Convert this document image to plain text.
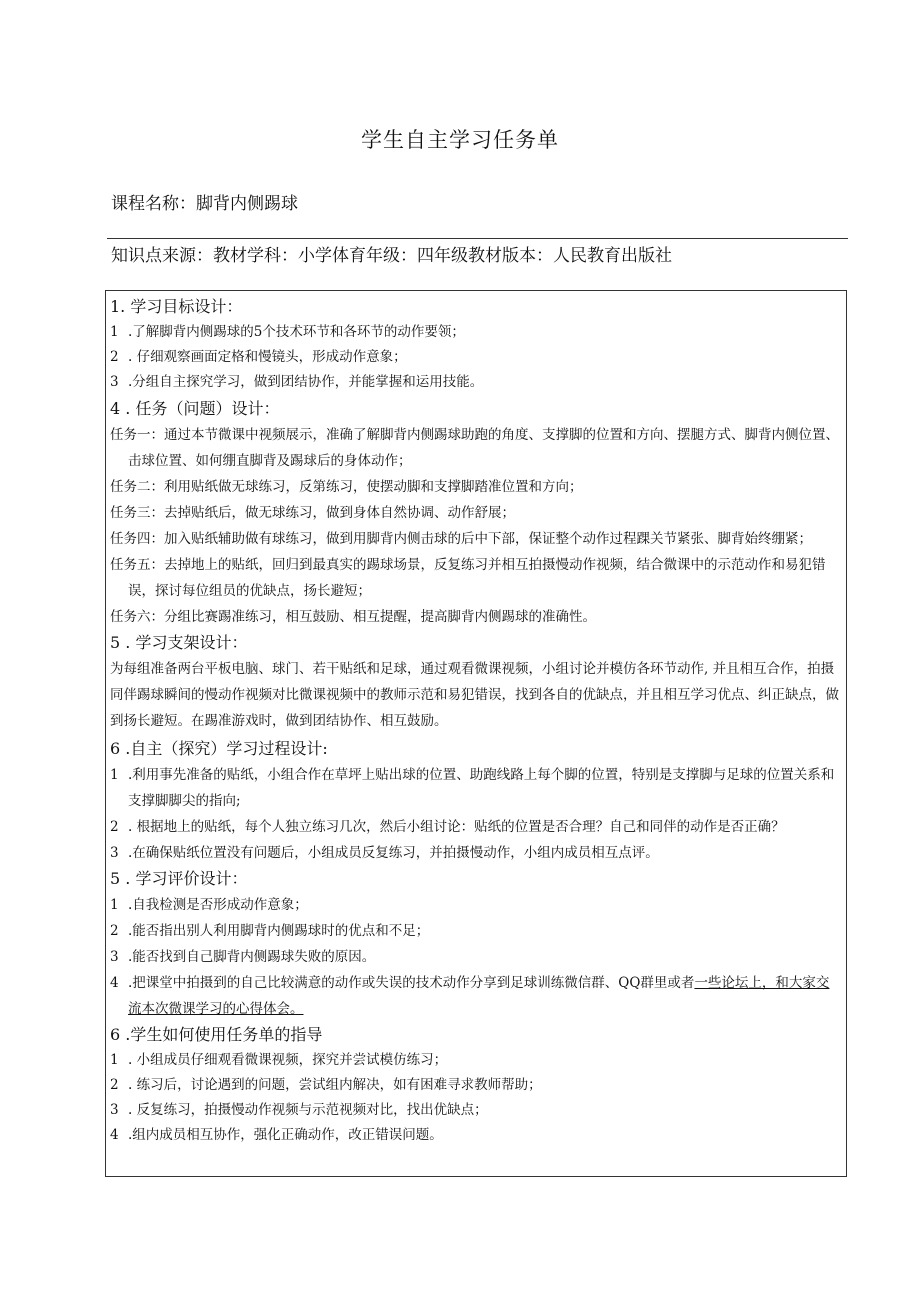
学生自主学习任务单
课程名称：脚背内侧踢球
知识点来源：教材学科：小学体育年级：四年级教材版本：人民教育出版社
1. 学习目标设计：
1 .了解脚背内侧踢球的5个技术环节和各环节的动作要领；
2 . 仔细观察画面定格和慢镜头，形成动作意象；
3 .分组自主探究学习，做到团结协作，并能掌握和运用技能。
4 . 任务（问题）设计：
任务一：通过本节微课中视频展示，准确了解脚背内侧踢球助跑的角度、支撑脚的位置和方向、摆腿方式、脚背内侧位置、击球位置、如何绷直脚背及踢球后的身体动作；
任务二：利用贴纸做无球练习，反第练习，使摆动脚和支撑脚踏准位置和方向；
任务三：去掉贴纸后，做无球练习，做到身体自然协调、动作舒展；
任务四：加入贴纸辅助做有球练习，做到用脚背内侧击球的后中下部，保证整个动作过程踝关节紧张、脚背始终绷紧；
任务五：去掉地上的贴纸，回归到最真实的踢球场景，反复练习并相互拍摄慢动作视频，结合微课中的示范动作和易犯错误，探讨每位组员的优缺点，扬长避短；
任务六：分组比赛踢准练习，相互鼓励、相互提醒，提高脚背内侧踢球的准确性。
5 . 学习支架设计：
为每组准备两台平板电脑、球门、若干贴纸和足球，通过观看微课视频，小组讨论并模仿各环节动作, 并且相互合作，拍摄同伴踢球瞬间的慢动作视频对比微课视频中的教师示范和易犯错误，找到各自的优缺点，并且相互学习优点、纠正缺点，做到扬长避短。在踢准游戏时，做到团结协作、相互鼓励。
6 .自主（探究）学习过程设计:
1 .利用事先准备的贴纸，小组合作在草坪上贴出球的位置、助跑线路上每个脚的位置，特别是支撑脚与足球的位置关系和支撑脚脚尖的指向;
2 . 根据地上的贴纸，每个人独立练习几次，然后小组讨论：贴纸的位置是否合理？自己和同伴的动作是否正确？
3 .在确保贴纸位置没有问题后，小组成员反复练习，并拍摄慢动作，小组内成员相互点评。
5 . 学习评价设计：
1 .自我检测是否形成动作意象；
2 .能否指出别人利用脚背内侧踢球时的优点和不足；
3 .能否找到自己脚背内侧踢球失败的原因。
4 .把课堂中拍摄到的自己比较满意的动作或失误的技术动作分享到足球训练微信群、QQ群里或者一些论坛上，和大家交流本次微课学习的心得体会。
6 .学生如何使用任务单的指导
1 . 小组成员仔细观看微课视频，探究并尝试模仿练习；
2 . 练习后，讨论遇到的问题，尝试组内解决，如有困难寻求教师帮助；
3 . 反复练习，拍摄慢动作视频与示范视频对比，找出优缺点；
4 .组内成员相互协作，强化正确动作，改正错误问题。
